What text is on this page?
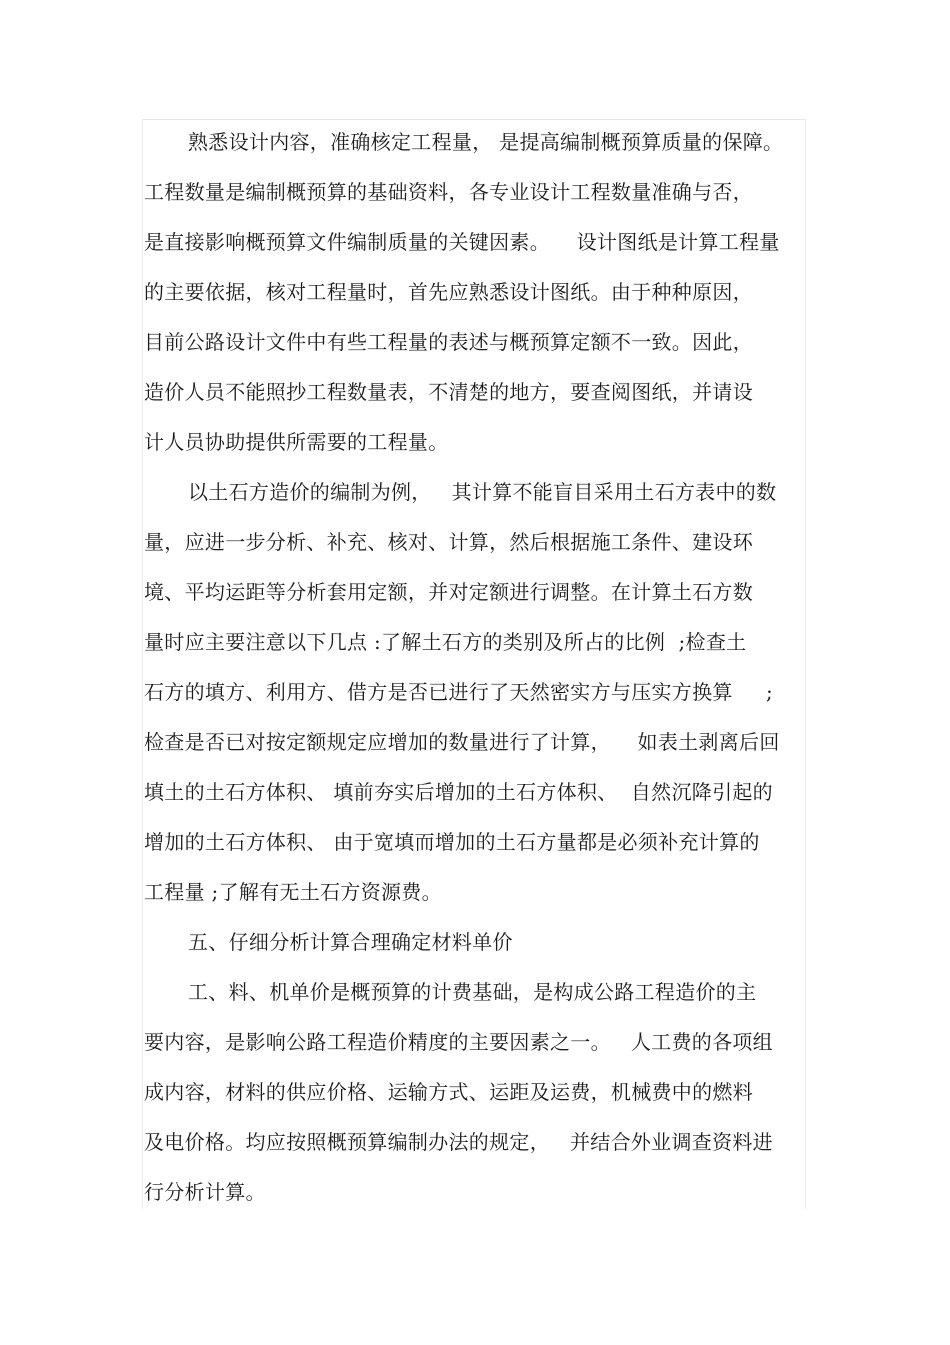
熟悉设计内容，准确核定工程量， 是提高编制概预算质量的保障。
工程数量是编制概预算的基础资料，各专业设计工程数量准确与否，
是直接影响概预算文件编制质量的关键因素。    设计图纸是计算工程量
的主要依据，核对工程量时，首先应熟悉设计图纸。由于种种原因，
目前公路设计文件中有些工程量的表述与概预算定额不一致。因此，
造价人员不能照抄工程数量表，不清楚的地方，要查阅图纸，并请设
计人员协助提供所需要的工程量。
以土石方造价的编制为例，   其计算不能盲目采用土石方表中的数
量，应进一步分析、补充、核对、计算，然后根据施工条件、建设环
境、平均运距等分析套用定额，并对定额进行调整。在计算土石方数
量时应主要注意以下几点 :了解土石方的类别及所占的比例  ;检查土
石方的填方、利用方、借方是否已进行了天然密实方与压实方换算     ;
检查是否已对按定额规定应增加的数量进行了计算，    如表土剥离后回
填土的土石方体积、 填前夯实后增加的土石方体积、  自然沉降引起的
增加的土石方体积、 由于宽填而增加的土石方量都是必须补充计算的
工程量 ;了解有无土石方资源费。
五、仔细分析计算合理确定材料单价
工、料、机单价是概预算的计费基础，是构成公路工程造价的主
要内容，是影响公路工程造价精度的主要因素之一。   人工费的各项组
成内容，材料的供应价格、运输方式、运距及运费，机械费中的燃料
及电价格。均应按照概预算编制办法的规定，   并结合外业调查资料进
行分析计算。
